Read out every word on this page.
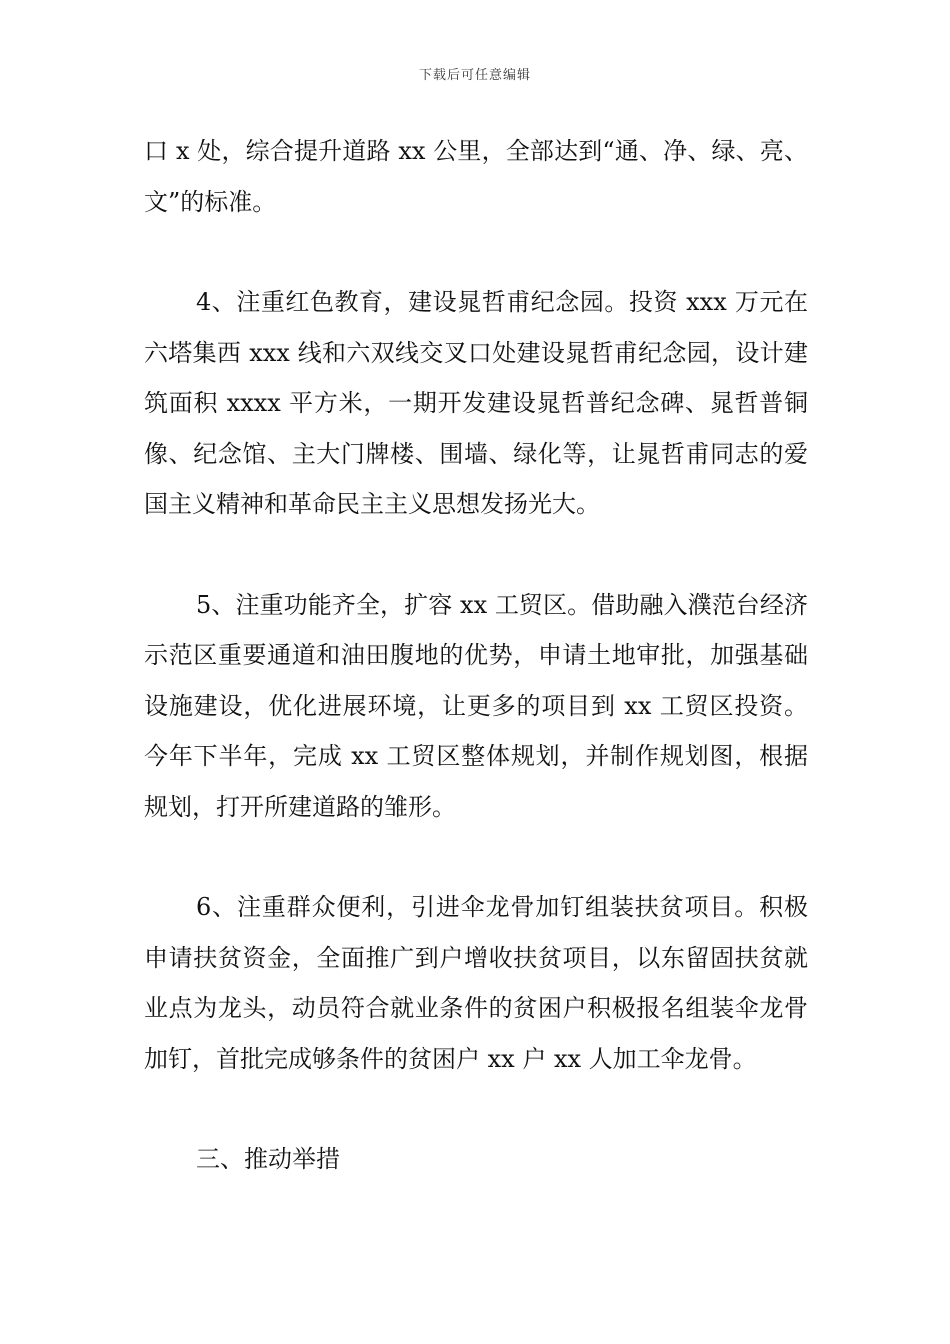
下载后可任意编辑

口 x 处，综合提升道路 xx 公里，全部达到“通、净、绿、亮、文”的标准。

4、注重红色教育，建设晁哲甫纪念园。投资 xxx 万元在六塔集西 xxx 线和六双线交叉口处建设晁哲甫纪念园，设计建筑面积 xxxx 平方米，一期开发建设晁哲普纪念碑、晁哲普铜像、纪念馆、主大门牌楼、围墙、绿化等，让晁哲甫同志的爱国主义精神和革命民主主义思想发扬光大。

5、注重功能齐全，扩容 xx 工贸区。借助融入濮范台经济示范区重要通道和油田腹地的优势，申请土地审批，加强基础设施建设，优化进展环境，让更多的项目到 xx 工贸区投资。今年下半年，完成 xx 工贸区整体规划，并制作规划图，根据规划，打开所建道路的雏形。

6、注重群众便利，引进伞龙骨加钉组装扶贫项目。积极申请扶贫资金，全面推广到户增收扶贫项目，以东留固扶贫就业点为龙头，动员符合就业条件的贫困户积极报名组装伞龙骨加钉，首批完成够条件的贫困户 xx 户 xx 人加工伞龙骨。

三、推动举措
